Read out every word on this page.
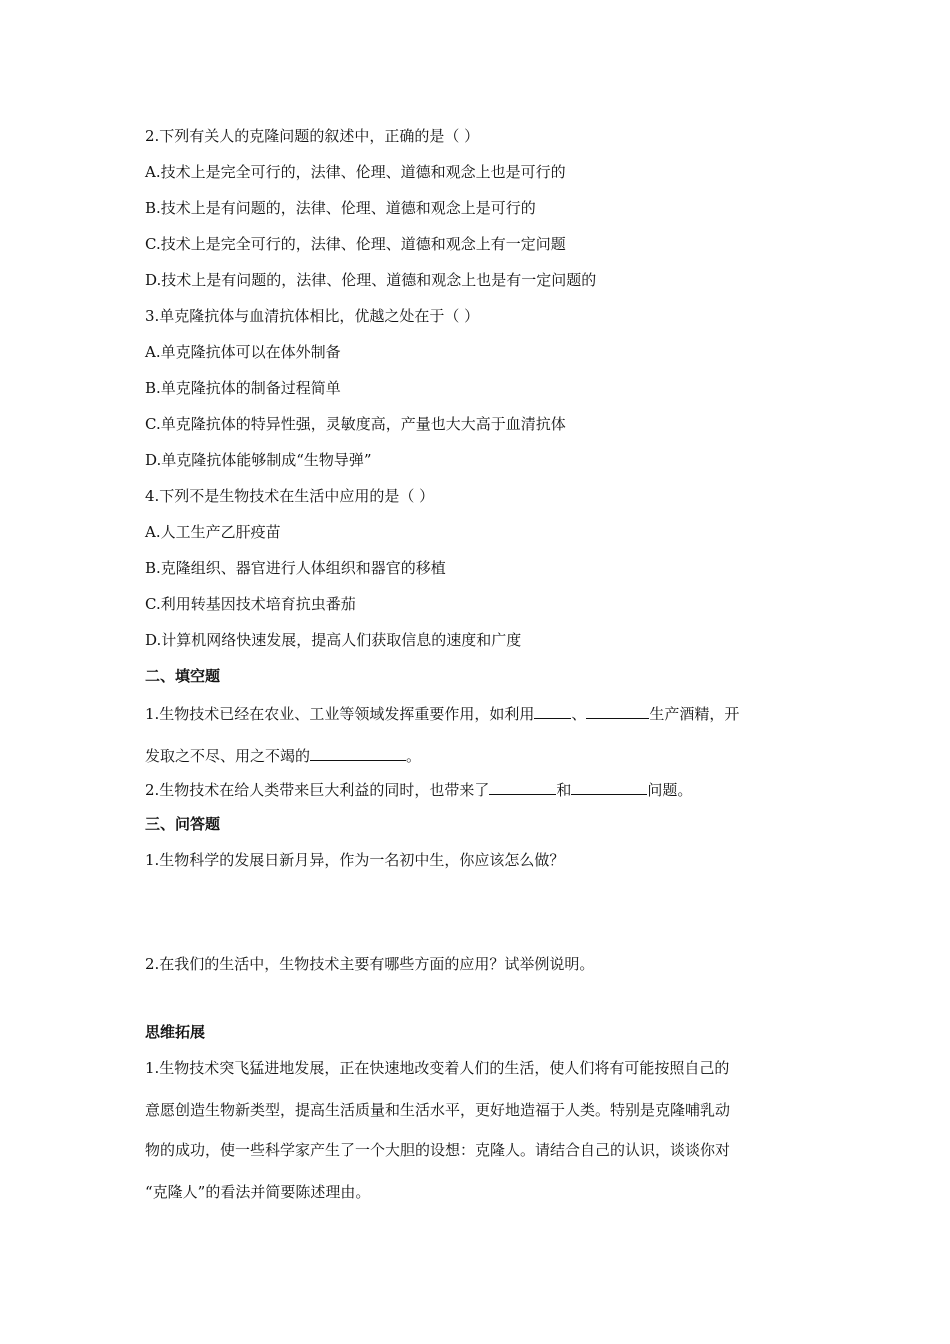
2.下列有关人的克隆问题的叙述中，正确的是（ ）
A.技术上是完全可行的，法律、伦理、道德和观念上也是可行的
B.技术上是有问题的，法律、伦理、道德和观念上是可行的
C.技术上是完全可行的，法律、伦理、道德和观念上有一定问题
D.技术上是有问题的，法律、伦理、道德和观念上也是有一定问题的
3.单克隆抗体与血清抗体相比，优越之处在于（ ）
A.单克隆抗体可以在体外制备
B.单克隆抗体的制备过程简单
C.单克隆抗体的特异性强，灵敏度高，产量也大大高于血清抗体
D.单克隆抗体能够制成“生物导弹”
4.下列不是生物技术在生活中应用的是（ ）
A.人工生产乙肝疫苗
B.克隆组织、器官进行人体组织和器官的移植
C.利用转基因技术培育抗虫番茄
D.计算机网络快速发展，提高人们获取信息的速度和广度
二、填空题
1.生物技术已经在农业、工业等领域发挥重要作用，如利用 、	生产酒精，开
发取之不尽、用之不竭的	。
2.生物技术在给人类带来巨大利益的同时，也带来了	和	问题。
三、问答题
1.生物科学的发展日新月异，作为一名初中生，你应该怎么做？
2.在我们的生活中，生物技术主要有哪些方面的应用？试举例说明。
思维拓展
1.生物技术突飞猛进地发展，正在快速地改变着人们的生活，使人们将有可能按照自己的
意愿创造生物新类型，提高生活质量和生活水平，更好地造福于人类。特别是克隆哺乳动
物的成功，使一些科学家产生了一个大胆的设想：克隆人。请结合自己的认识，谈谈你对
“克隆人”的看法并简要陈述理由。
